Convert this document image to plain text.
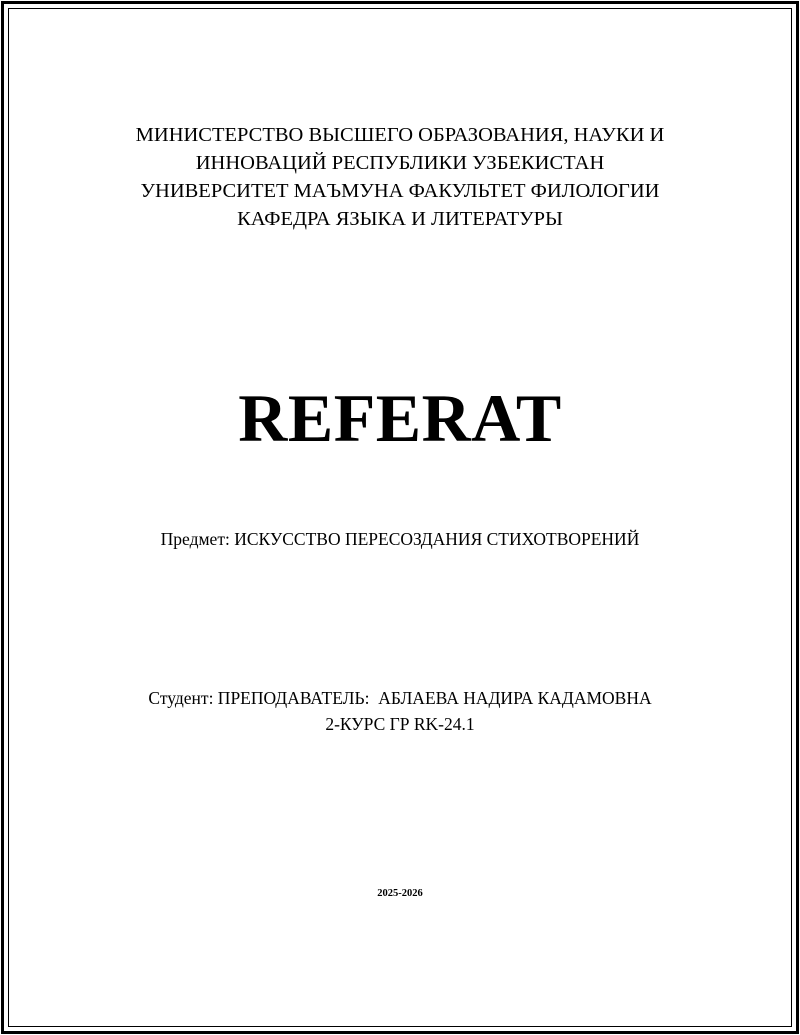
МИНИСТЕРСТВО ВЫСШЕГО ОБРАЗОВАНИЯ, НАУКИ И
ИННОВАЦИЙ РЕСПУБЛИКИ УЗБЕКИСТАН
УНИВЕРСИТЕТ МАЪМУНА ФАКУЛЬТЕТ ФИЛОЛОГИИ
КАФЕДРА ЯЗЫКА И ЛИТЕРАТУРЫ
REFERAT
Предмет: ИСКУССТВО ПЕРЕСОЗДАНИЯ СТИХОТВОРЕНИЙ
Студент: ПРЕПОДАВАТЕЛЬ:  АБЛАЕВА НАДИРА КАДАМОВНА
2-КУРС ГР RK-24.1
2025-2026
